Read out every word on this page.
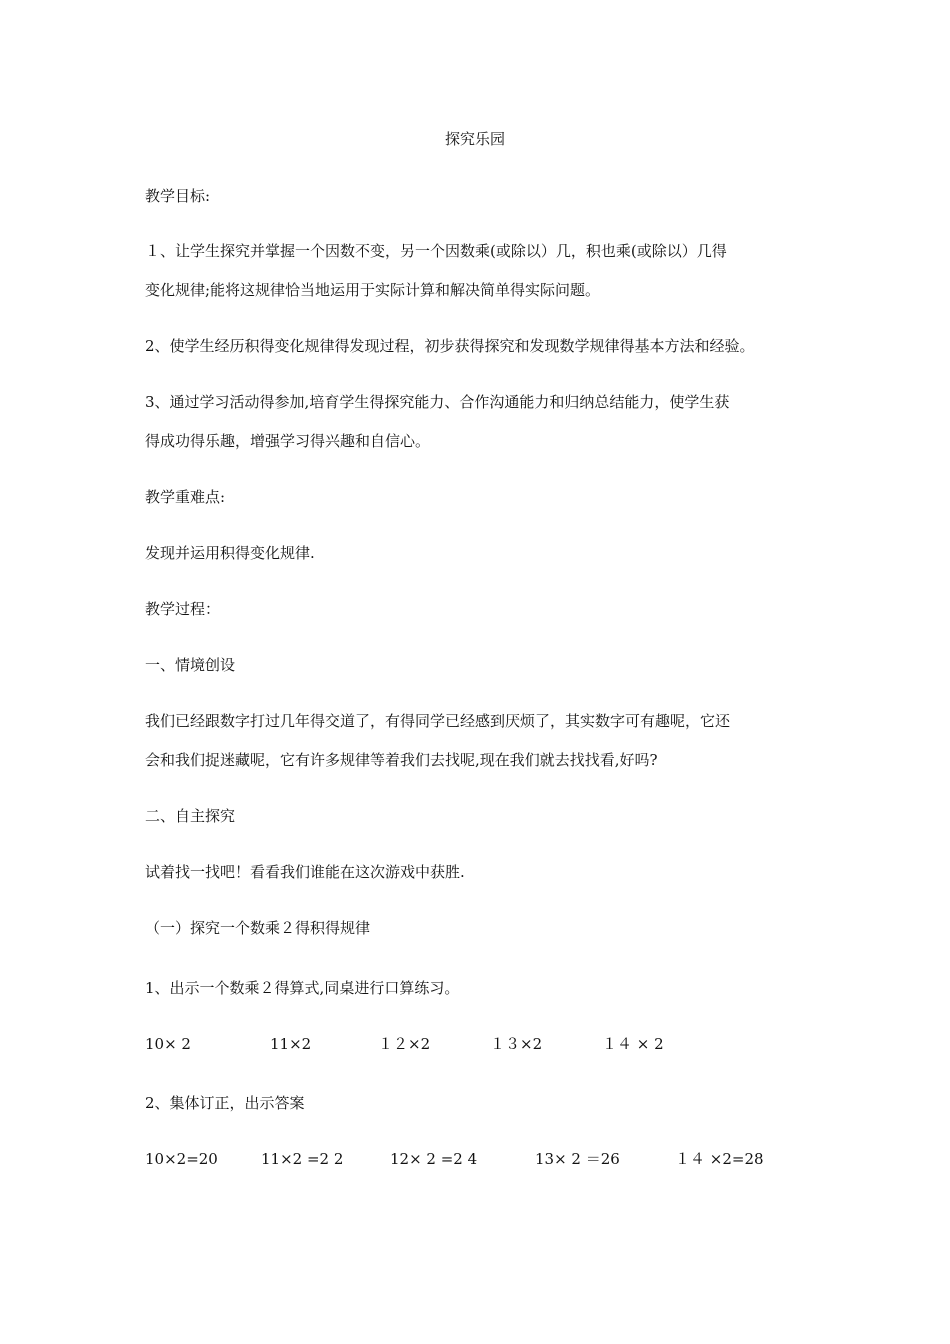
探究乐园
教学目标:
１、让学生探究并掌握一个因数不变，另一个因数乘(或除以）几，积也乘(或除以）几得
变化规律;能将这规律恰当地运用于实际计算和解决简单得实际问题。
2、使学生经历积得变化规律得发现过程，初步获得探究和发现数学规律得基本方法和经验。
3、通过学习活动得参加,培育学生得探究能力、合作沟通能力和归纳总结能力，使学生获
得成功得乐趣，增强学习得兴趣和自信心。
教学重难点:
发现并运用积得变化规律.
教学过程：
一、情境创设
我们已经跟数字打过几年得交道了，有得同学已经感到厌烦了，其实数字可有趣呢，它还
会和我们捉迷藏呢，它有许多规律等着我们去找呢,现在我们就去找找看,好吗?
二、自主探究
试着找一找吧！看看我们谁能在这次游戏中获胜.
（一）探究一个数乘２得积得规律
1、出示一个数乘２得算式,同桌进行口算练习。
10× 2	11×2	１２×2	１３×2	１４ × 2
2、集体订正，出示答案
10×2=20	11×2 =2 2	12× 2 =2 4	13× 2 ＝26	１４ ×2=28
